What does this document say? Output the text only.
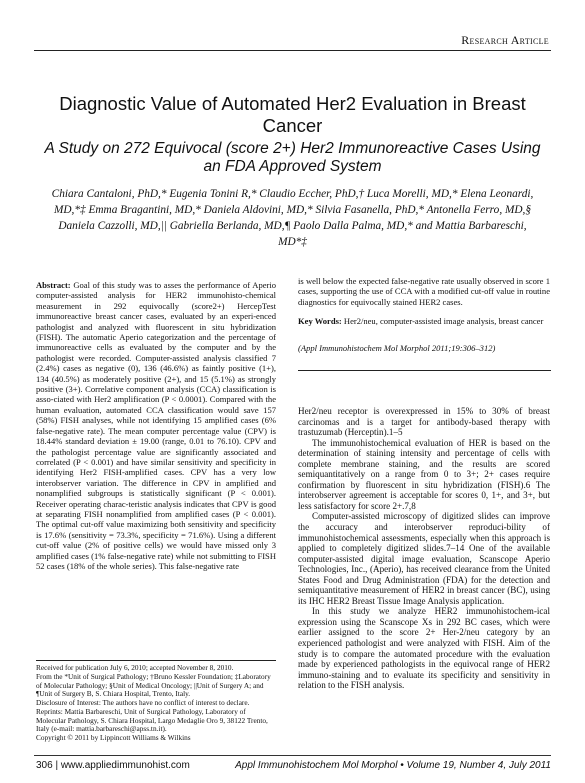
Research Article
Diagnostic Value of Automated Her2 Evaluation in Breast Cancer
A Study on 272 Equivocal (score 2+) Her2 Immunoreactive Cases Using an FDA Approved System
Chiara Cantaloni, PhD,* Eugenia Tonini R,* Claudio Eccher, PhD,† Luca Morelli, MD,* Elena Leonardi, MD,*‡ Emma Bragantini, MD,* Daniela Aldovini, MD,* Silvia Fasanella, PhD,* Antonella Ferro, MD,§ Daniela Cazzolli, MD,|| Gabriella Berlanda, MD,¶ Paolo Dalla Palma, MD,* and Mattia Barbareschi, MD*‡
Abstract: Goal of this study was to asses the performance of Aperio computer-assisted analysis for HER2 immunohisto-chemical measurement in 292 equivocally (score2+) HercepTest immunoreactive breast cancer cases, evaluated by an experi-enced pathologist and analyzed with fluorescent in situ hybridization (FISH). The automatic Aperio categorization and the percentage of immunoreactive cells as evaluated by the computer and by the pathologist were recorded. Computer-assisted analysis classified 7 (2.4%) cases as negative (0), 136 (46.6%) as faintly positive (1+), 134 (40.5%) as moderately positive (2+), and 15 (5.1%) as strongly positive (3+). Correlative component analysis (CCA) classification is asso-ciated with Her2 amplification (P < 0.0001). Compared with the human evaluation, automated CCA classification would save 157 (58%) FISH analyses, while not identifying 15 amplified cases (6% false-negative rate). The mean computer percentage value (CPV) is 18.44% standard deviation ± 19.00 (range, 0.01 to 76.10). CPV and the pathologist percentage value are significantly associated and correlated (P < 0.001) and have similar sensitivity and specificity in identifying Her2 FISH-amplified cases. CPV has a very low interobserver variation. The difference in CPV in amplified and nonamplified subgroups is statistically significant (P < 0.001). Receiver operating charac-teristic analysis indicates that CPV is good at separating FISH nonamplified from amplified cases (P < 0.001). The optimal cut-off value maximizing both sensitivity and specificity is 17.6% (sensitivity = 73.3%, specificity = 71.6%). Using a different cut-off value (2% of positive cells) we would have missed only 3 amplified cases (1% false-negative rate) while not submitting to FISH 52 cases (18% of the whole series). This false-negative rate
is well below the expected false-negative rate usually observed in score 1 cases, supporting the use of CCA with a modified cut-off value in routine diagnostics for equivocally stained HER2 cases.
Key Words: Her2/neu, computer-assisted image analysis, breast cancer
(Appl Immunohistochem Mol Morphol 2011;19:306–312)

Her2/neu receptor is overexpressed in 15% to 30% of breast carcinomas and is a target for antibody-based therapy with trastuzumab (Herceptin).1–5

The immunohistochemical evaluation of HER is based on the determination of staining intensity and percentage of cells with complete membrane staining, and the results are scored semiquantitatively on a range from 0 to 3+; 2+ cases require confirmation by fluorescent in situ hybridization (FISH).6 The interobserver agreement is acceptable for scores 0, 1+, and 3+, but less satisfactory for score 2+.7,8

Computer-assisted microscopy of digitized slides can improve the accuracy and interobserver reproduci-bility of immunohistochemical assessments, especially when this approach is applied to completely digitized slides.7–14 One of the available computer-assisted digital image evaluation, Scanscope Aperio Technologies, Inc., (Aperio), has received clearance from the United States Food and Drug Administration (FDA) for the detection and semiquantitative measurement of HER2 in breast cancer (BC), using its IHC HER2 Breast Tissue Image Analysis application.

In this study we analyze HER2 immunohistochem-ical expression using the Scanscope Xs in 292 BC cases, which were earlier assigned to the score 2+ Her-2/neu category by an experienced pathologist and were analyzed with FISH. Aim of the study is to compare the automated procedure with the evaluation made by experienced pathologists in the equivocal range of HER2 immuno-staining and to evaluate its specificity and sensitivity in relation to the FISH analysis.

Received for publication July 6, 2010; accepted November 8, 2010.
From the *Unit of Surgical Pathology; †Bruno Kessler Foundation; ‡Laboratory of Molecular Pathology; §Unit of Medical Oncology; ||Unit of Surgery A; and ¶Unit of Surgery B, S. Chiara Hospital, Trento, Italy.
Disclosure of Interest: The authors have no conflict of interest to declare.
Reprints: Mattia Barbareschi, Unit of Surgical Pathology, Laboratory of Molecular Pathology, S. Chiara Hospital, Largo Medaglie Oro 9, 38122 Trento, Italy (e-mail: mattia.barbareschi@apss.tn.it).
Copyright © 2011 by Lippincott Williams & Wilkins
306 | www.appliedimmunohist.com	Appl Immunohistochem Mol Morphol • Volume 19, Number 4, July 2011
